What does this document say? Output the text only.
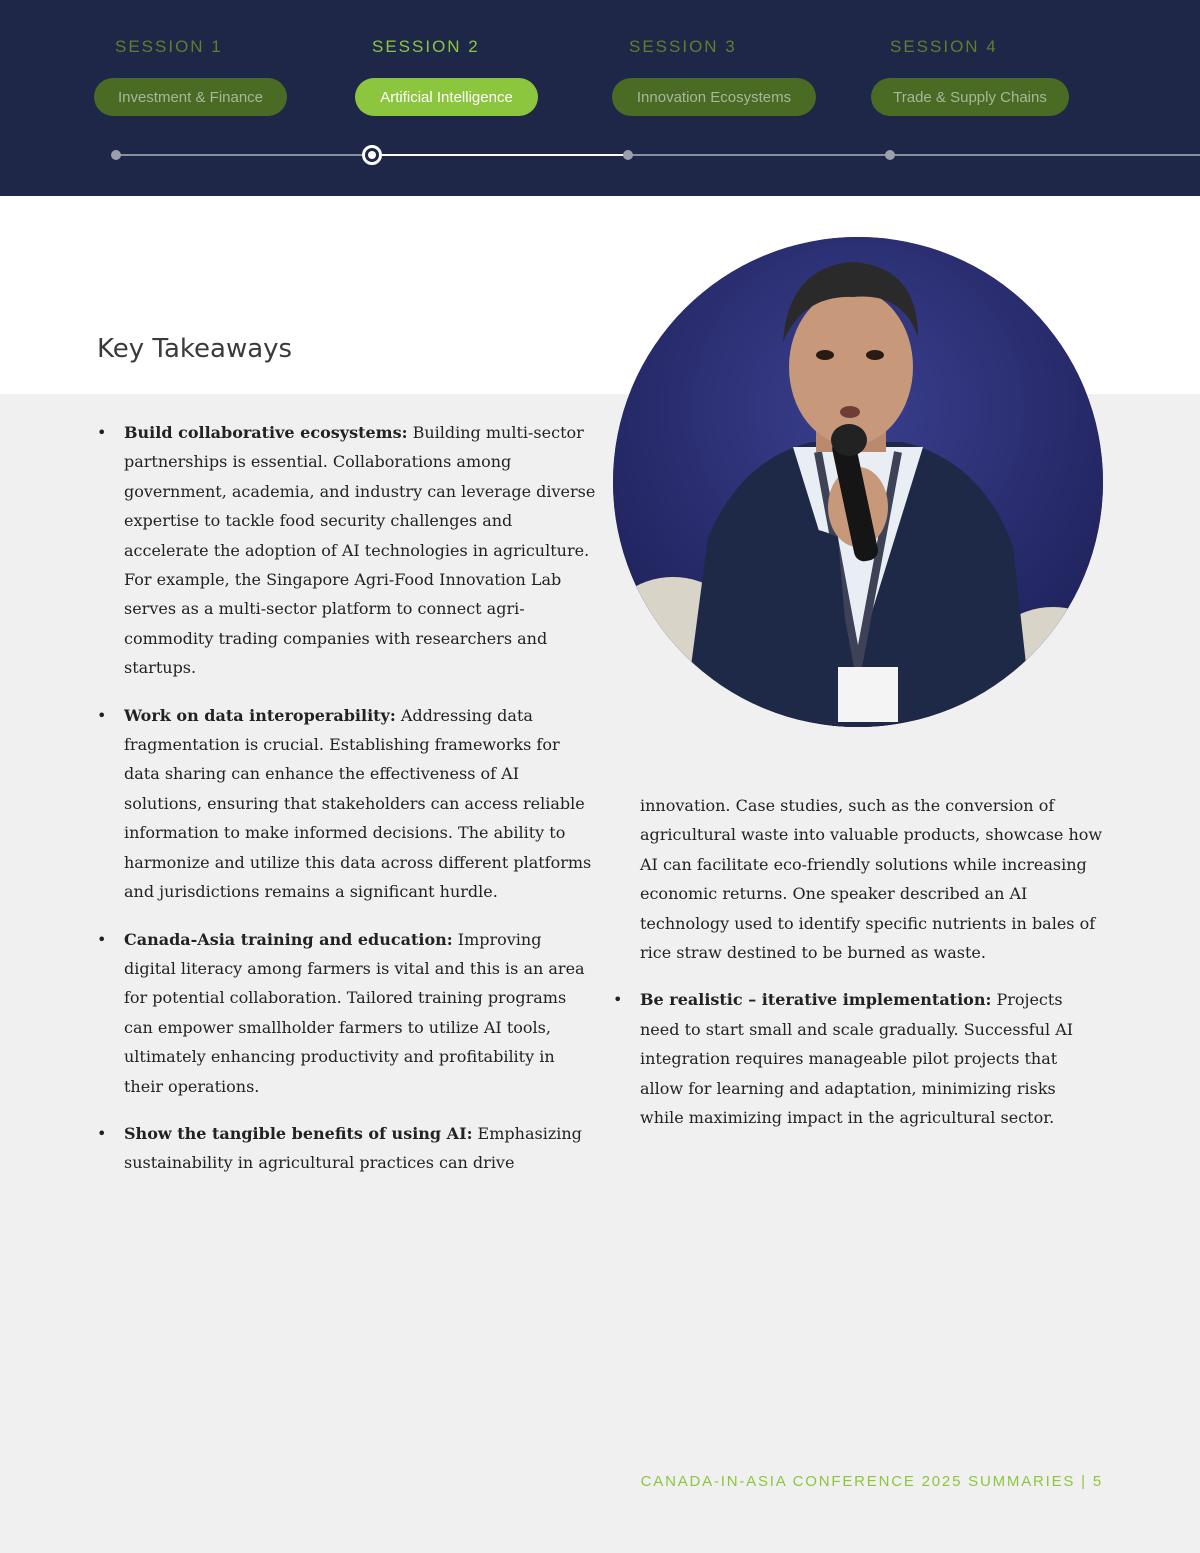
SESSION 1	SESSION 2	SESSION 3	SESSION 4
Investment & Finance	Artificial Intelligence	Innovation Ecosystems	Trade & Supply Chains
Key Takeaways
• Build collaborative ecosystems: Building multi-sector partnerships is essential. Collaborations among government, academia, and industry can leverage diverse expertise to tackle food security challenges and accelerate the adoption of AI technologies in agriculture. For example, the Singapore Agri-Food Innovation Lab serves as a multi-sector platform to connect agri-commodity trading companies with researchers and startups.
• Work on data interoperability: Addressing data fragmentation is crucial. Establishing frameworks for data sharing can enhance the effectiveness of AI solutions, ensuring that stakeholders can access reliable information to make informed decisions. The ability to harmonize and utilize this data across different platforms and jurisdictions remains a significant hurdle.
• Canada-Asia training and education: Improving digital literacy among farmers is vital and this is an area for potential collaboration. Tailored training programs can empower smallholder farmers to utilize AI tools, ultimately enhancing productivity and profitability in their operations.
• Show the tangible benefits of using AI: Emphasizing sustainability in agricultural practices can drive
innovation. Case studies, such as the conversion of agricultural waste into valuable products, showcase how AI can facilitate eco-friendly solutions while increasing economic returns. One speaker described an AI technology used to identify specific nutrients in bales of rice straw destined to be burned as waste.
• Be realistic – iterative implementation: Projects need to start small and scale gradually. Successful AI integration requires manageable pilot projects that allow for learning and adaptation, minimizing risks while maximizing impact in the agricultural sector.
CANADA-IN-ASIA CONFERENCE 2025 SUMMARIES | 5
